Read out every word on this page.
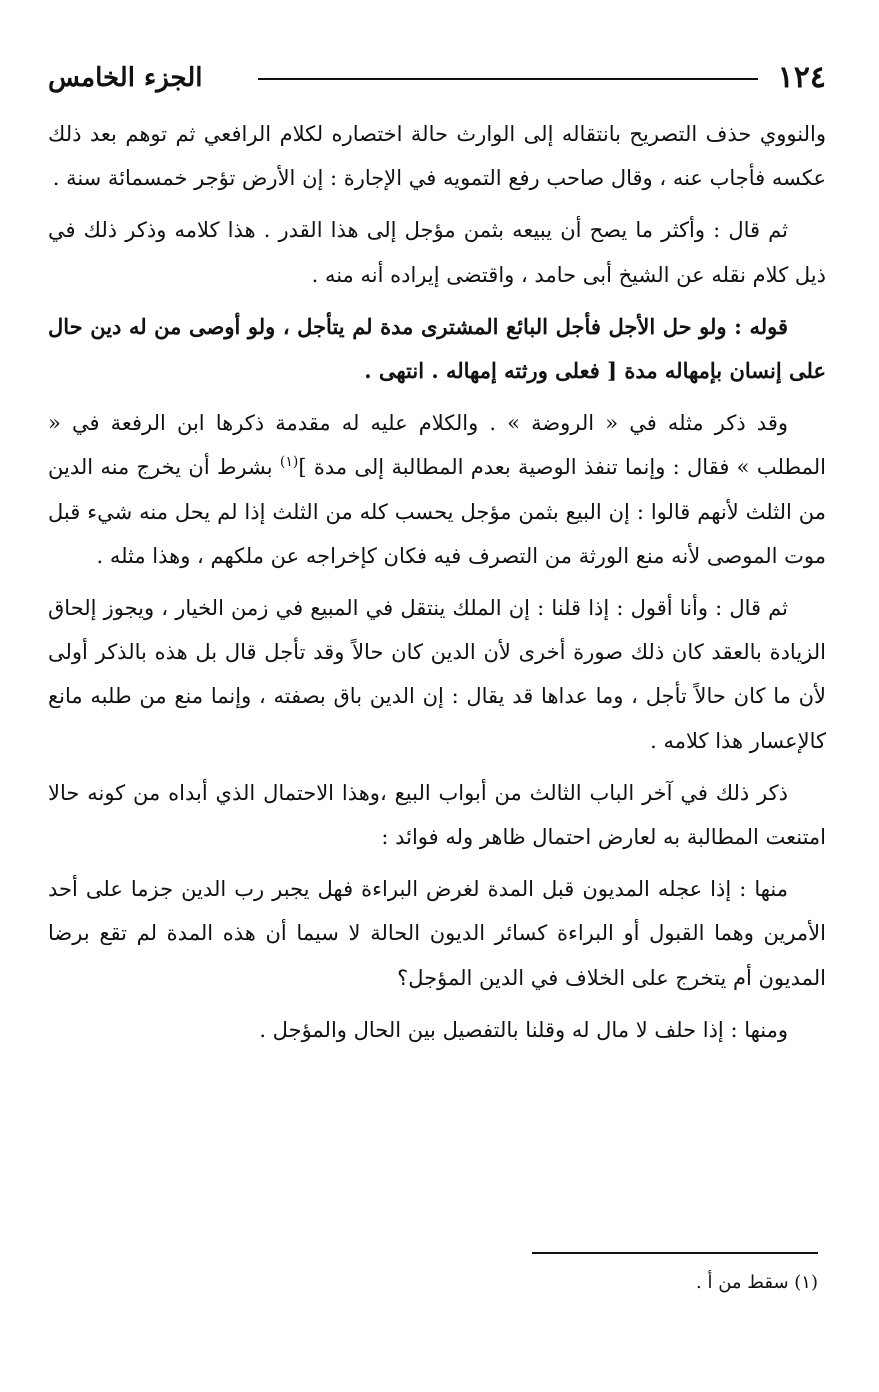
١٢٤
الجزء الخامس

والنووي حذف التصريح بانتقاله إلى الوارث حالة اختصاره لكلام الرافعي ثم توهم بعد ذلك عكسه فأجاب عنه ، وقال صاحب رفع التمويه في الإجارة : إن الأرض تؤجر خمسمائة سنة .

ثم قال : وأكثر ما يصح أن يبيعه بثمن مؤجل إلى هذا القدر . هذا كلامه وذكر ذلك في ذيل كلام نقله عن الشيخ أبى حامد ، واقتضى إيراده أنه منه .

قوله : ولو حل الأجل فأجل البائع المشترى مدة لم يتأجل ، ولو أوصى من له دين حال على إنسان بإمهاله مدة [ فعلى ورثته إمهاله . انتهى .

وقد ذكر مثله في « الروضة » . والكلام عليه له مقدمة ذكرها ابن الرفعة في « المطلب » فقال : وإنما تنفذ الوصية بعدم المطالبة إلى مدة ]$^{(١)}$ بشرط أن يخرج منه الدين من الثلث لأنهم قالوا : إن البيع بثمن مؤجل يحسب كله من الثلث إذا لم يحل منه شيء قبل موت الموصى لأنه منع الورثة من التصرف فيه فكان كإخراجه عن ملكهم ، وهذا مثله .

ثم قال : وأنا أقول : إذا قلنا : إن الملك ينتقل في المبيع في زمن الخيار ، ويجوز إلحاق الزيادة بالعقد كان ذلك صورة أخرى لأن الدين كان حالاً وقد تأجل قال بل هذه بالذكر أولى لأن ما كان حالاً تأجل ، وما عداها قد يقال : إن الدين باق بصفته ، وإنما منع من طلبه مانع كالإعسار هذا كلامه .

ذكر ذلك في آخر الباب الثالث من أبواب البيع ،وهذا الاحتمال الذي أبداه من كونه حالا امتنعت المطالبة به لعارض احتمال ظاهر وله فوائد :

منها : إذا عجله المديون قبل المدة لغرض البراءة فهل يجبر رب الدين جزما على أحد الأمرين وهما القبول أو البراءة كسائر الديون الحالة لا سيما أن هذه المدة لم تقع برضا المديون أم يتخرج على الخلاف في الدين المؤجل؟

ومنها : إذا حلف لا مال له وقلنا بالتفصيل بين الحال والمؤجل .

(١) سقط من أ .
